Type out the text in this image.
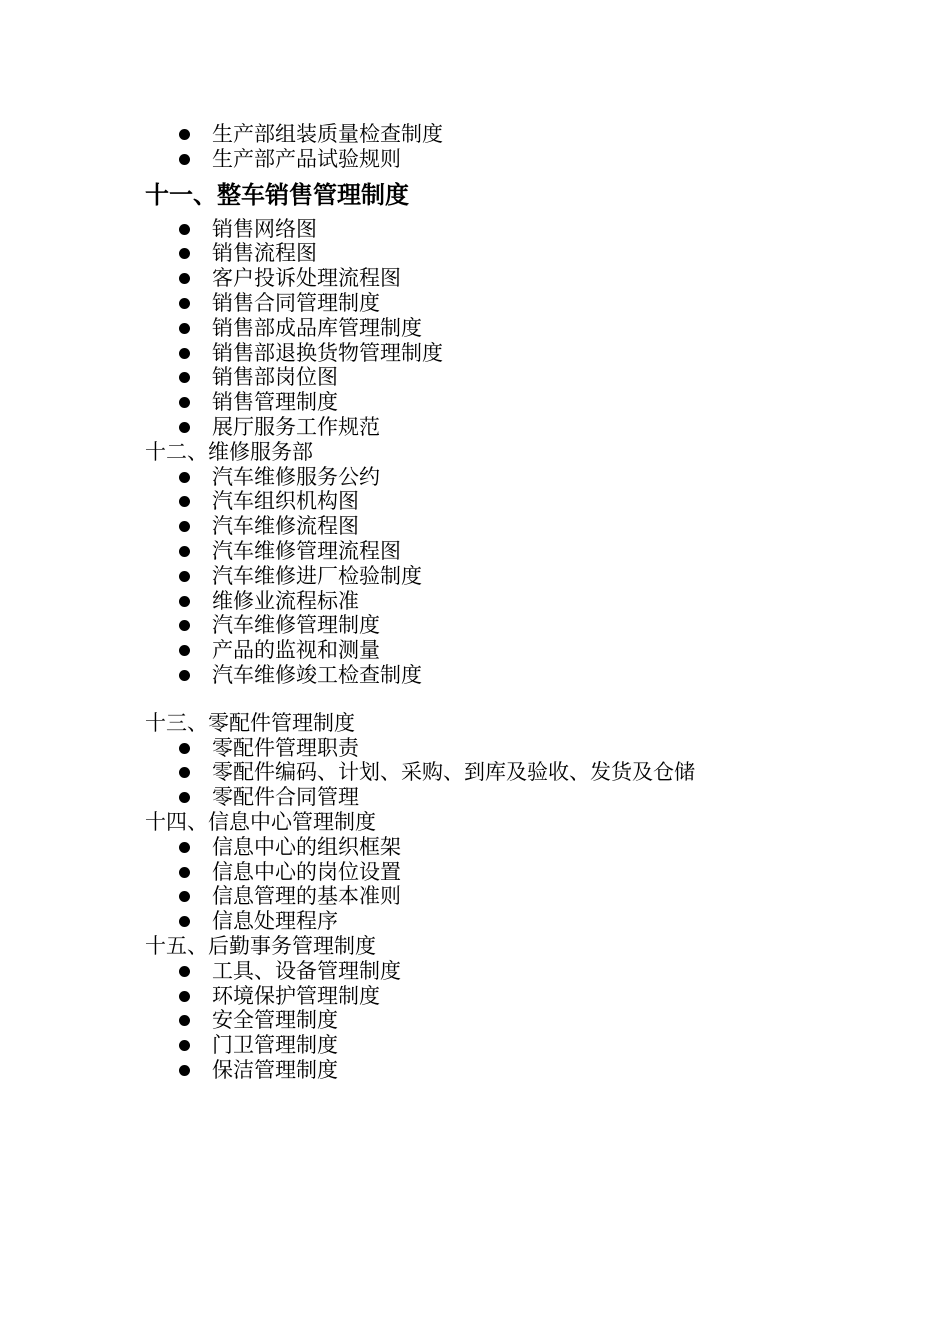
生产部组装质量检查制度
生产部产品试验规则
十一、整车销售管理制度
销售网络图
销售流程图
客户投诉处理流程图
销售合同管理制度
销售部成品库管理制度
销售部退换货物管理制度
销售部岗位图
销售管理制度
展厅服务工作规范
十二、维修服务部
汽车维修服务公约
汽车组织机构图
汽车维修流程图
汽车维修管理流程图
汽车维修进厂检验制度
维修业流程标准
汽车维修管理制度
产品的监视和测量
汽车维修竣工检查制度
十三、零配件管理制度
零配件管理职责
零配件编码、计划、采购、到库及验收、发货及仓储
零配件合同管理
十四、信息中心管理制度
信息中心的组织框架
信息中心的岗位设置
信息管理的基本准则
信息处理程序
十五、后勤事务管理制度
工具、设备管理制度
环境保护管理制度
安全管理制度
门卫管理制度
保洁管理制度
